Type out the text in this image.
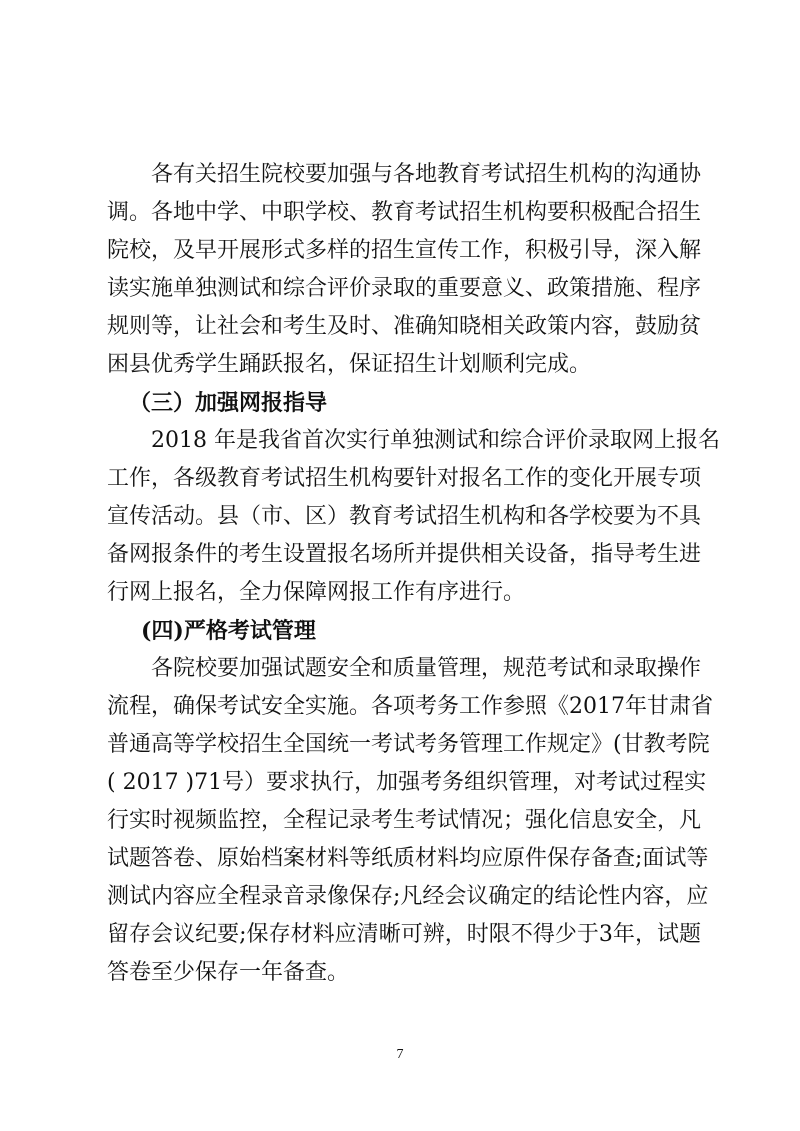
各有关招生院校要加强与各地教育考试招生机构的沟通协
调。各地中学、中职学校、教育考试招生机构要积极配合招生
院校，及早开展形式多样的招生宣传工作，积极引导，深入解
读实施单独测试和综合评价录取的重要意义、政策措施、程序
规则等，让社会和考生及时、准确知晓相关政策内容，鼓励贫
困县优秀学生踊跃报名，保证招生计划顺利完成。
（三）加强网报指导
2018 年是我省首次实行单独测试和综合评价录取网上报名
工作，各级教育考试招生机构要针对报名工作的变化开展专项
宣传活动。县（市、区）教育考试招生机构和各学校要为不具
备网报条件的考生设置报名场所并提供相关设备，指导考生进
行网上报名，全力保障网报工作有序进行。
(四)严格考试管理
各院校要加强试题安全和质量管理，规范考试和录取操作
流程，确保考试安全实施。各项考务工作参照《2017年甘肃省
普通高等学校招生全国统一考试考务管理工作规定》(甘教考院
( 2017 )71号）要求执行，加强考务组织管理，对考试过程实
行实时视频监控，全程记录考生考试情况；强化信息安全，凡
试题答卷、原始档案材料等纸质材料均应原件保存备查;面试等
测试内容应全程录音录像保存;凡经会议确定的结论性内容，应
留存会议纪要;保存材料应清晰可辨，时限不得少于3年，试题
答卷至少保存一年备查。
7
